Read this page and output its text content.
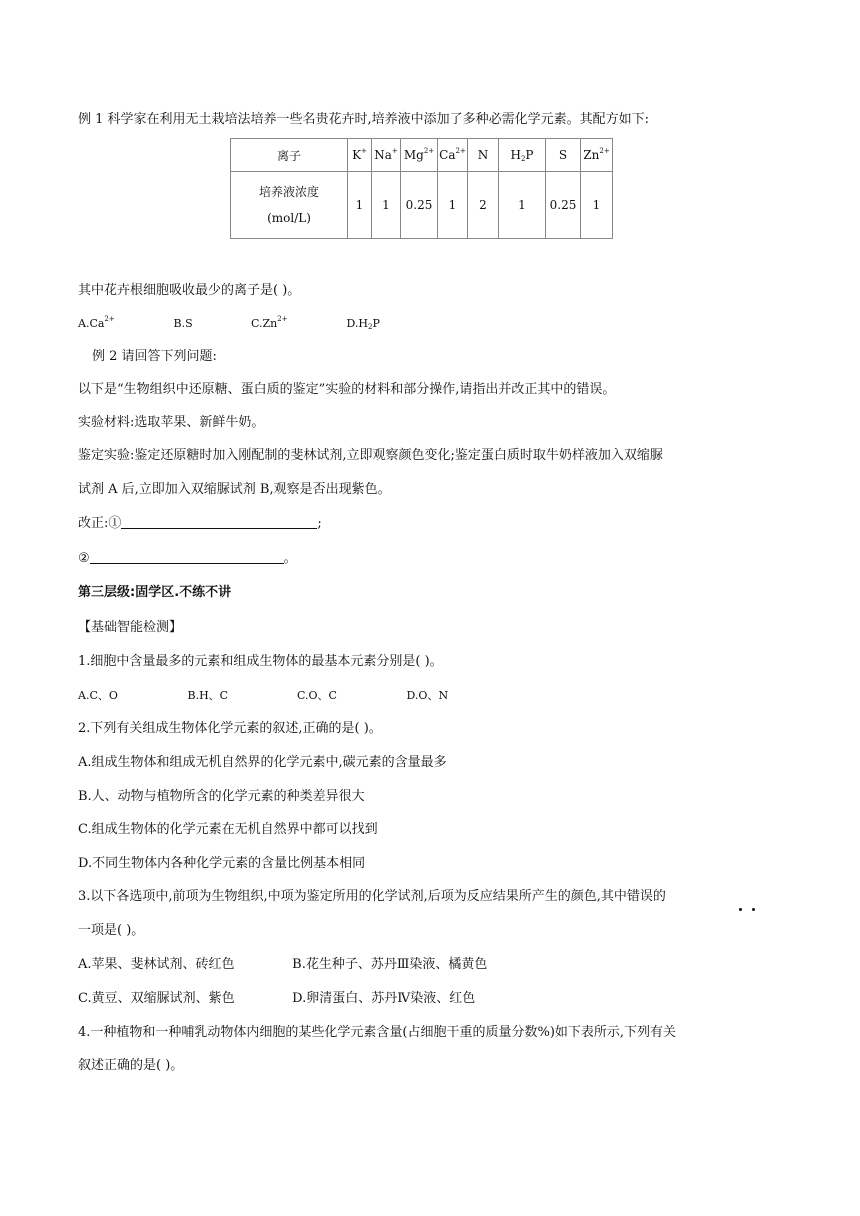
例 1 科学家在利用无土栽培法培养一些名贵花卉时,培养液中添加了多种必需化学元素。其配方如下:
离子	K+	Na+	$Mg^{2+}$	$Ca^{2+}$	N	$H_2P$	S	$Zn^{2+}$

培养液浓度
(mol/L)	1	1	0.25	1	2	1	0.25	1
其中花卉根细胞吸收最少的离子是( )。
$A.Ca^{2+}$	B.S	$C.Zn^{2+}$	$D.H_2P$
例 2 请回答下列问题:
以下是“生物组织中还原糖、蛋白质的鉴定”实验的材料和部分操作,请指出并改正其中的错误。
实验材料:选取苹果、新鲜牛奶。
鉴定实验:鉴定还原糖时加入刚配制的斐林试剂,立即观察颜色变化;鉴定蛋白质时取牛奶样液加入双缩脲
试剂 A 后,立即加入双缩脲试剂 B,观察是否出现紫色。
改正:①	;
②	。
第三层级:固学区.不练不讲
【基础智能检测】
1.细胞中含量最多的元素和组成生物体的最基本元素分别是( )。
A.C、O	B.H、C	C.O、C	D.O、N
2.下列有关组成生物体化学元素的叙述,正确的是( )。
A.组成生物体和组成无机自然界的化学元素中,碳元素的含量最多
B.人、动物与植物所含的化学元素的种类差异很大
C.组成生物体的化学元素在无机自然界中都可以找到
D.不同生物体内各种化学元素的含量比例基本相同
3.以下各选项中,前项为生物组织,中项为鉴定所用的化学试剂,后项为反应结果所产生的颜色,其中错误的
一项是( )。
A.苹果、斐林试剂、砖红色	B.花生种子、苏丹Ⅲ染液、橘黄色
C.黄豆、双缩脲试剂、紫色	D.卵清蛋白、苏丹Ⅳ染液、红色
4.一种植物和一种哺乳动物体内细胞的某些化学元素含量(占细胞干重的质量分数%)如下表所示,下列有关
叙述正确的是( )。
